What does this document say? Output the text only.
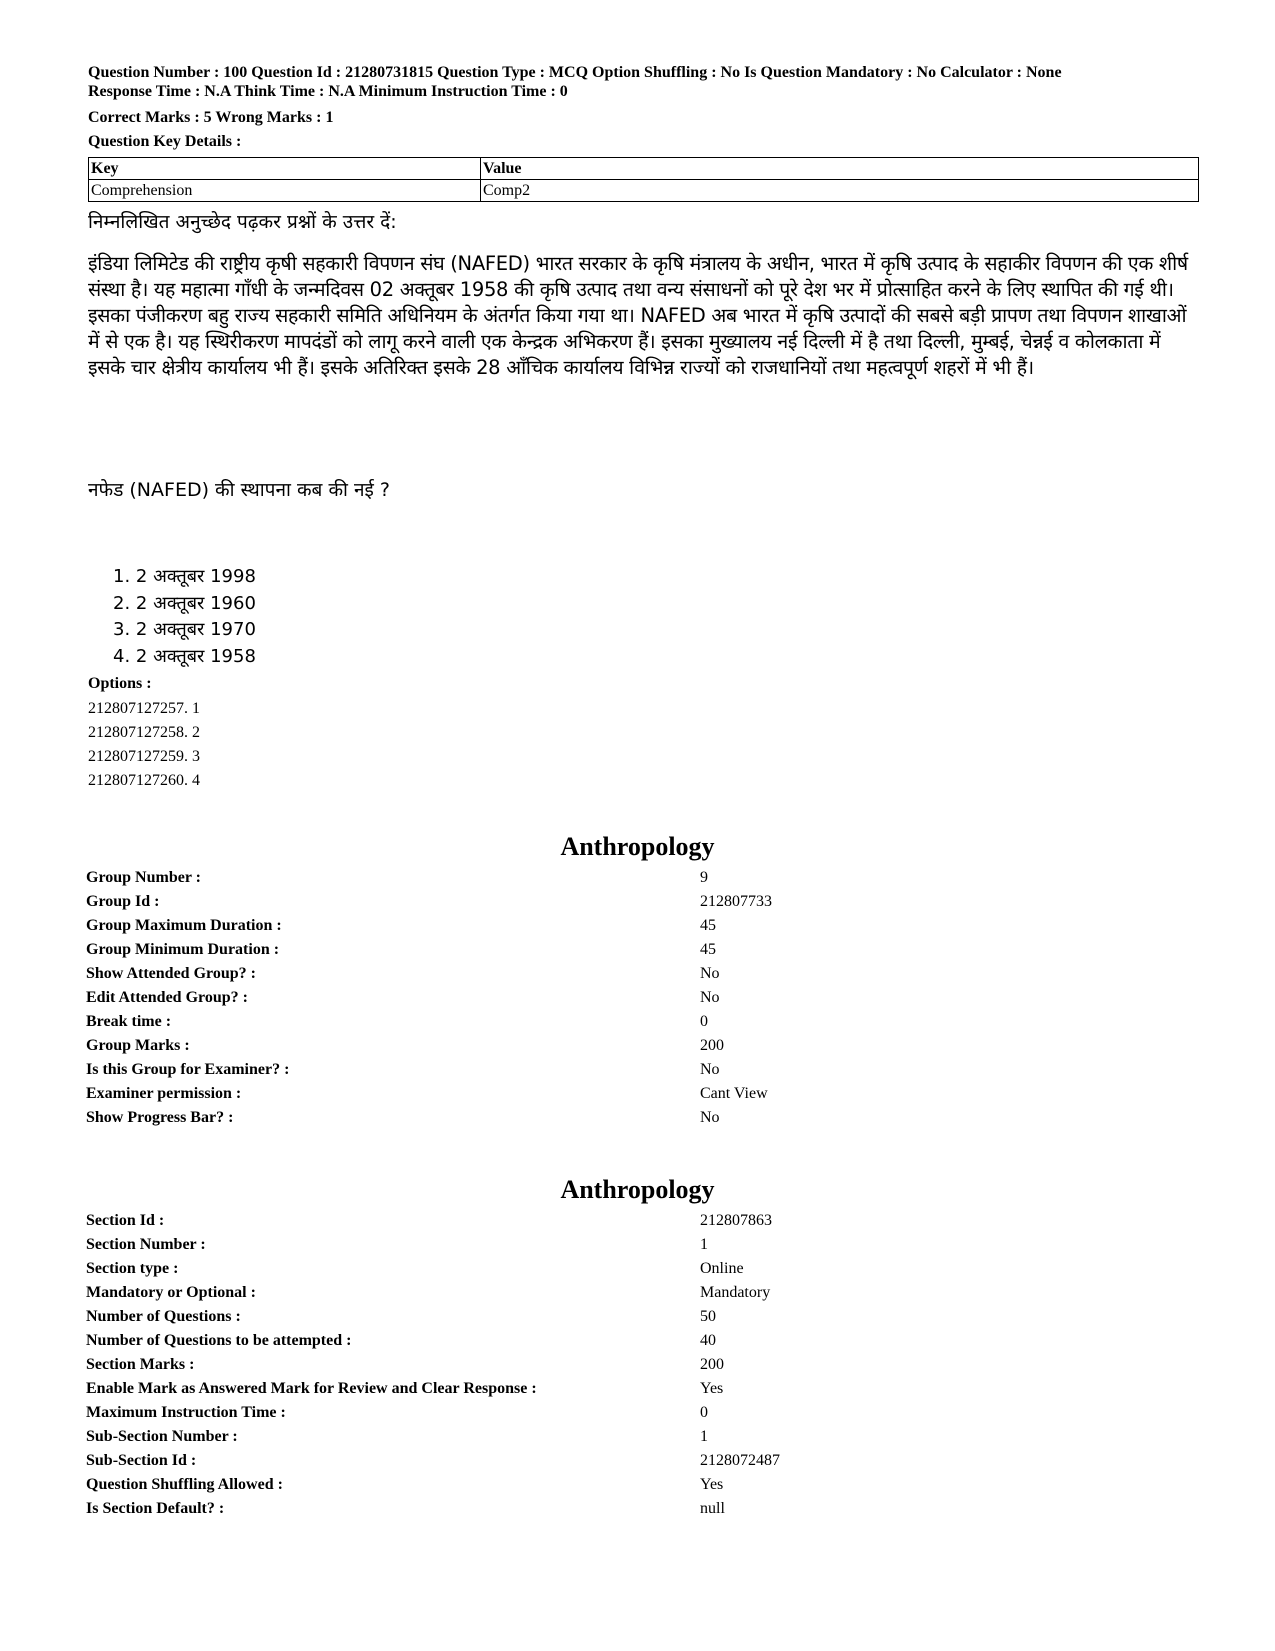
Question Number : 100 Question Id : 21280731815 Question Type : MCQ Option Shuffling : No Is Question Mandatory : No Calculator : None
Response Time : N.A Think Time : N.A Minimum Instruction Time : 0
Correct Marks : 5 Wrong Marks : 1
Question Key Details :
Key	Value
Comprehension	Comp2
निम्नलिखित अनुच्छेद पढ़कर प्रश्नों के उत्तर दें:
इंडिया लिमिटेड की राष्ट्रीय कृषी सहकारी विपणन संघ (NAFED) भारत सरकार के कृषि मंत्रालय के अधीन, भारत में कृषि उत्पाद के सहाकीर विपणन की एक शीर्ष संस्था है। यह महात्मा गाँधी के जन्मदिवस 02 अक्तूबर 1958 की कृषि उत्पाद तथा वन्य संसाधनों को पूरे देश भर में प्रोत्साहित करने के लिए स्थापित की गई थी। इसका पंजीकरण बहु राज्य सहकारी समिति अधिनियम के अंतर्गत किया गया था। NAFED अब भारत में कृषि उत्पादों की सबसे बड़ी प्रापण तथा विपणन शाखाओं में से एक है। यह स्थिरीकरण मापदंडों को लागू करने वाली एक केन्द्रक अभिकरण हैं। इसका मुख्यालय नई दिल्ली में है तथा दिल्ली, मुम्बई, चेन्नई व कोलकाता में इसके चार क्षेत्रीय कार्यालय भी हैं। इसके अतिरिक्त इसके 28 आँचिक कार्यालय विभिन्न राज्यों को राजधानियों तथा महत्वपूर्ण शहरों में भी हैं।
नफेड (NAFED) की स्थापना कब की नई ?
1. 2 अक्तूबर 1998
2. 2 अक्तूबर 1960
3. 2 अक्तूबर 1970
4. 2 अक्तूबर 1958
Options :
212807127257. 1
212807127258. 2
212807127259. 3
212807127260. 4
Anthropology
Group Number :	9
Group Id :	212807733
Group Maximum Duration :	45
Group Minimum Duration :	45
Show Attended Group? :	No
Edit Attended Group? :	No
Break time :	0
Group Marks :	200
Is this Group for Examiner? :	No
Examiner permission :	Cant View
Show Progress Bar? :	No
Anthropology
Section Id :	212807863
Section Number :	1
Section type :	Online
Mandatory or Optional :	Mandatory
Number of Questions :	50
Number of Questions to be attempted :	40
Section Marks :	200
Enable Mark as Answered Mark for Review and Clear Response :	Yes
Maximum Instruction Time :	0
Sub-Section Number :	1
Sub-Section Id :	2128072487
Question Shuffling Allowed :	Yes
Is Section Default? :	null
